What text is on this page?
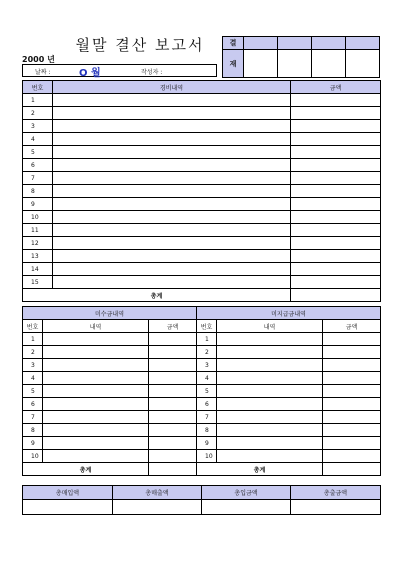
월말 결산 보고서
2000 년
날짜 :	O 월	작성자 :
결				
재				
번호	경비내역	금액
1		
2		
3		
4		
5		
6		
7		
8		
9		
10		
11		
12		
13		
14		
15		
총계		
미수금내역			미지급금내역		
번호	내역	금액	번호	내역	금액
1			1		
2			2		
3			3		
4			4		
5			5		
6			6		
7			7		
8			8		
9			9		
10			10		
총계			총계		
총매입액	총매출액	총입금액	총출금액
